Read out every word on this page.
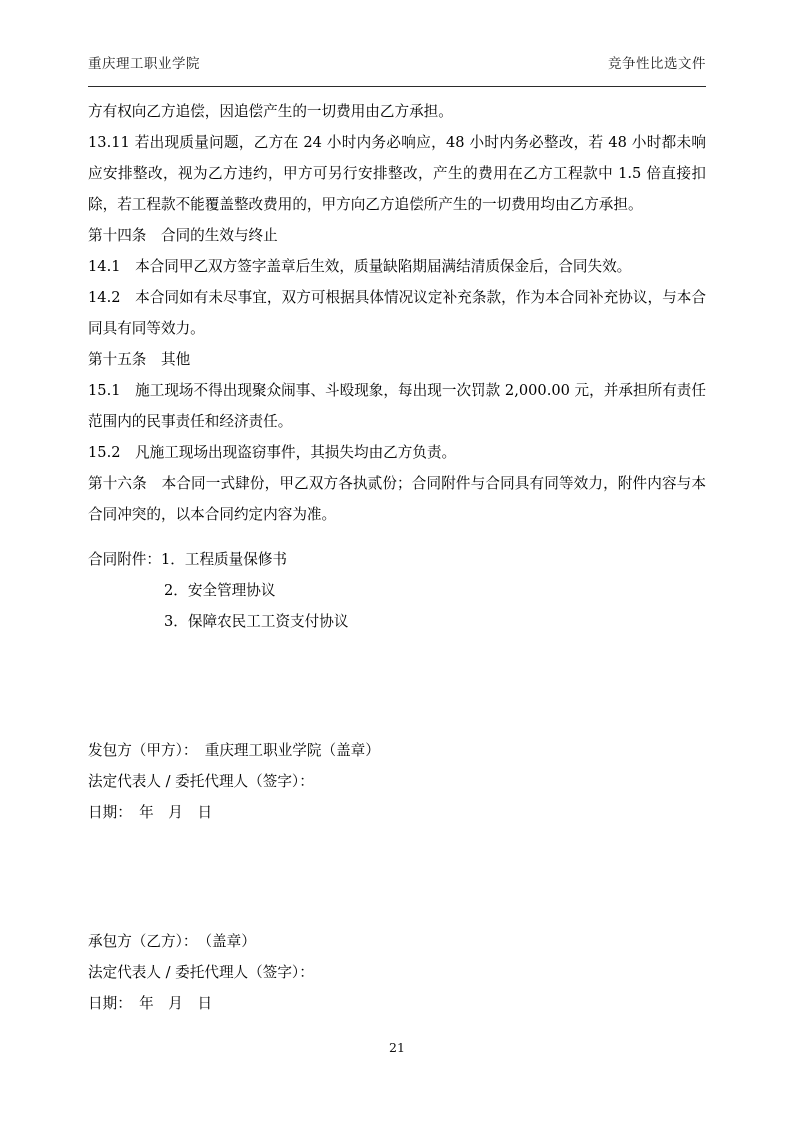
重庆理工职业学院	竞争性比选文件

方有权向乙方追偿，因追偿产生的一切费用由乙方承担。

13.11 若出现质量问题，乙方在 24 小时内务必响应，48 小时内务必整改，若 48 小时都未响应安排整改，视为乙方违约，甲方可另行安排整改，产生的费用在乙方工程款中 1.5 倍直接扣除，若工程款不能覆盖整改费用的，甲方向乙方追偿所产生的一切费用均由乙方承担。

第十四条　合同的生效与终止

14.1　本合同甲乙双方签字盖章后生效，质量缺陷期届满结清质保金后，合同失效。

14.2　本合同如有未尽事宜，双方可根据具体情况议定补充条款，作为本合同补充协议，与本合同具有同等效力。

第十五条　其他

15.1　施工现场不得出现聚众闹事、斗殴现象，每出现一次罚款 2,000.00 元，并承担所有责任范围内的民事责任和经济责任。

15.2　凡施工现场出现盗窃事件，其损失均由乙方负责。

第十六条　本合同一式肆份，甲乙双方各执贰份；合同附件与合同具有同等效力，附件内容与本合同冲突的，以本合同约定内容为准。

合同附件：1．工程质量保修书

2．安全管理协议

3．保障农民工工资支付协议

发包方（甲方）：　重庆理工职业学院（盖章）

法定代表人 / 委托代理人（签字）：

日期：　年　月　日

承包方（乙方）：　（盖章）

法定代表人 / 委托代理人（签字）：

日期：　年　月　日

21
